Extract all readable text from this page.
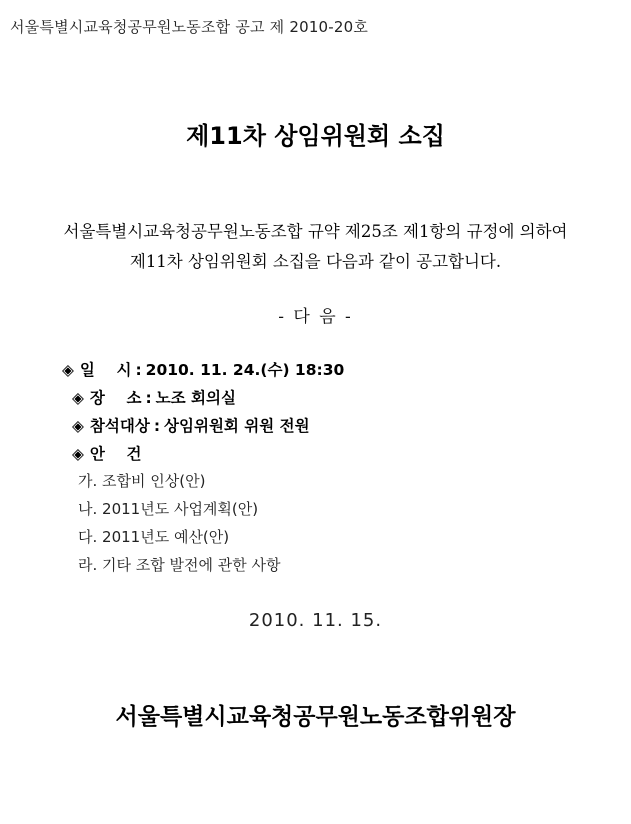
서울특별시교육청공무원노동조합 공고 제 2010-20호
제11차 상임위원회 소집
서울특별시교육청공무원노동조합 규약 제25조 제1항의 규정에 의하여
제11차 상임위원회 소집을 다음과 같이 공고합니다.
- 다 음 -
◈ 일    시 : 2010. 11. 24.(수) 18:30
◈ 장    소 : 노조 회의실
◈ 참석대상 : 상임위원회 위원 전원
◈ 안    건
가. 조합비 인상(안)
나. 2011년도 사업계획(안)
다. 2011년도 예산(안)
라. 기타 조합 발전에 관한 사항
2010. 11. 15.
서울특별시교육청공무원노동조합위원장
